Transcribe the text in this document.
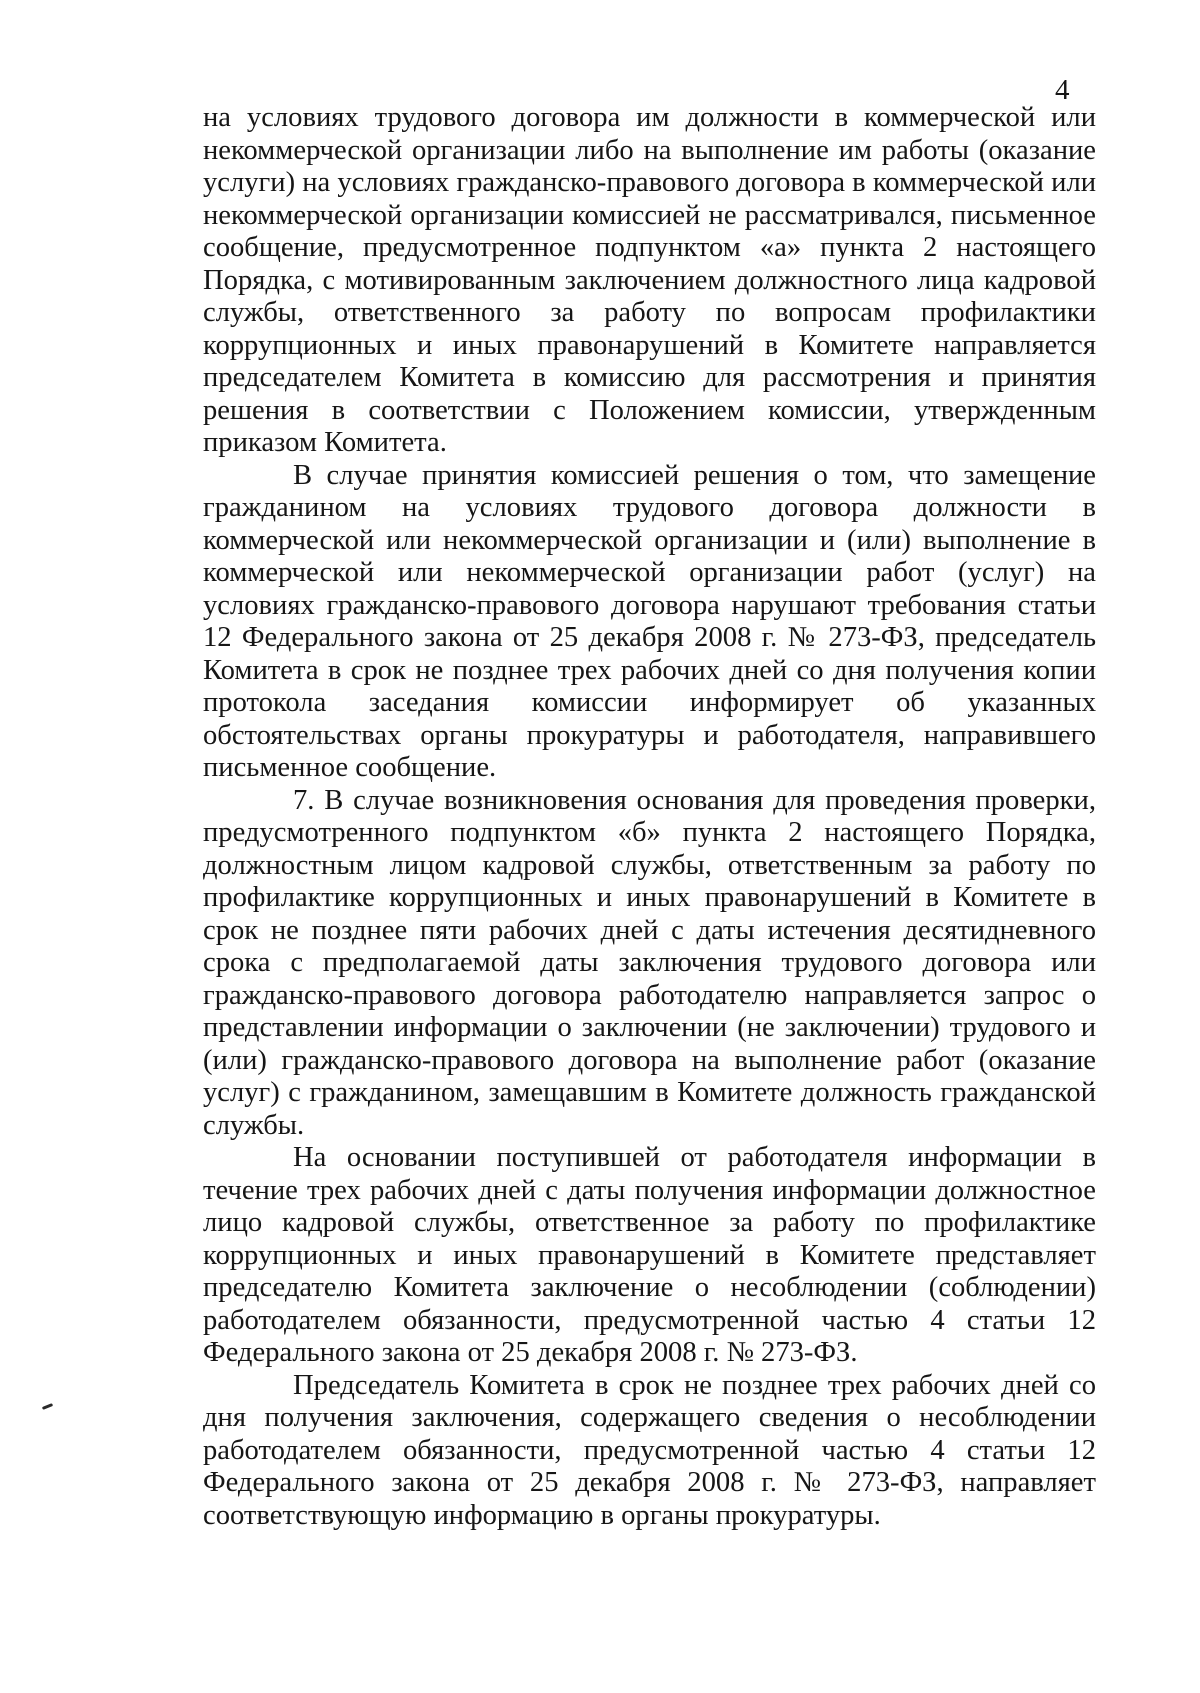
4

на условиях трудового договора им должности в коммерческой или некоммерческой организации либо на выполнение им работы (оказание услуги) на условиях гражданско-правового договора в коммерческой или некоммерческой организации комиссией не рассматривался, письменное сообщение, предусмотренное подпунктом «а» пункта 2 настоящего Порядка, с мотивированным заключением должностного лица кадровой службы, ответственного за работу по вопросам профилактики коррупционных и иных правонарушений в Комитете направляется председателем Комитета в комиссию для рассмотрения и принятия решения в соответствии с Положением комиссии, утвержденным приказом Комитета.

В случае принятия комиссией решения о том, что замещение гражданином на условиях трудового договора должности в коммерческой или некоммерческой организации и (или) выполнение в коммерческой или некоммерческой организации работ (услуг) на условиях гражданско-правового договора нарушают требования статьи 12 Федерального закона от 25 декабря 2008 г. № 273-ФЗ, председатель Комитета в срок не позднее трех рабочих дней со дня получения копии протокола заседания комиссии информирует об указанных обстоятельствах органы прокуратуры и работодателя, направившего письменное сообщение.

7. В случае возникновения основания для проведения проверки, предусмотренного подпунктом «б» пункта 2 настоящего Порядка, должностным лицом кадровой службы, ответственным за работу по профилактике коррупционных и иных правонарушений в Комитете в срок не позднее пяти рабочих дней с даты истечения десятидневного срока с предполагаемой даты заключения трудового договора или гражданско-правового договора работодателю направляется запрос о представлении информации о заключении (не заключении) трудового и (или) гражданско-правового договора на выполнение работ (оказание услуг) с гражданином, замещавшим в Комитете должность гражданской службы.

На основании поступившей от работодателя информации в течение трех рабочих дней с даты получения информации должностное лицо кадровой службы, ответственное за работу по профилактике коррупционных и иных правонарушений в Комитете представляет председателю Комитета заключение о несоблюдении (соблюдении) работодателем обязанности, предусмотренной частью 4 статьи 12 Федерального закона от 25 декабря 2008 г. № 273-ФЗ.

Председатель Комитета в срок не позднее трех рабочих дней со дня получения заключения, содержащего сведения о несоблюдении работодателем обязанности, предусмотренной частью 4 статьи 12 Федерального закона от 25 декабря 2008 г. № 273-ФЗ, направляет соответствующую информацию в органы прокуратуры.
